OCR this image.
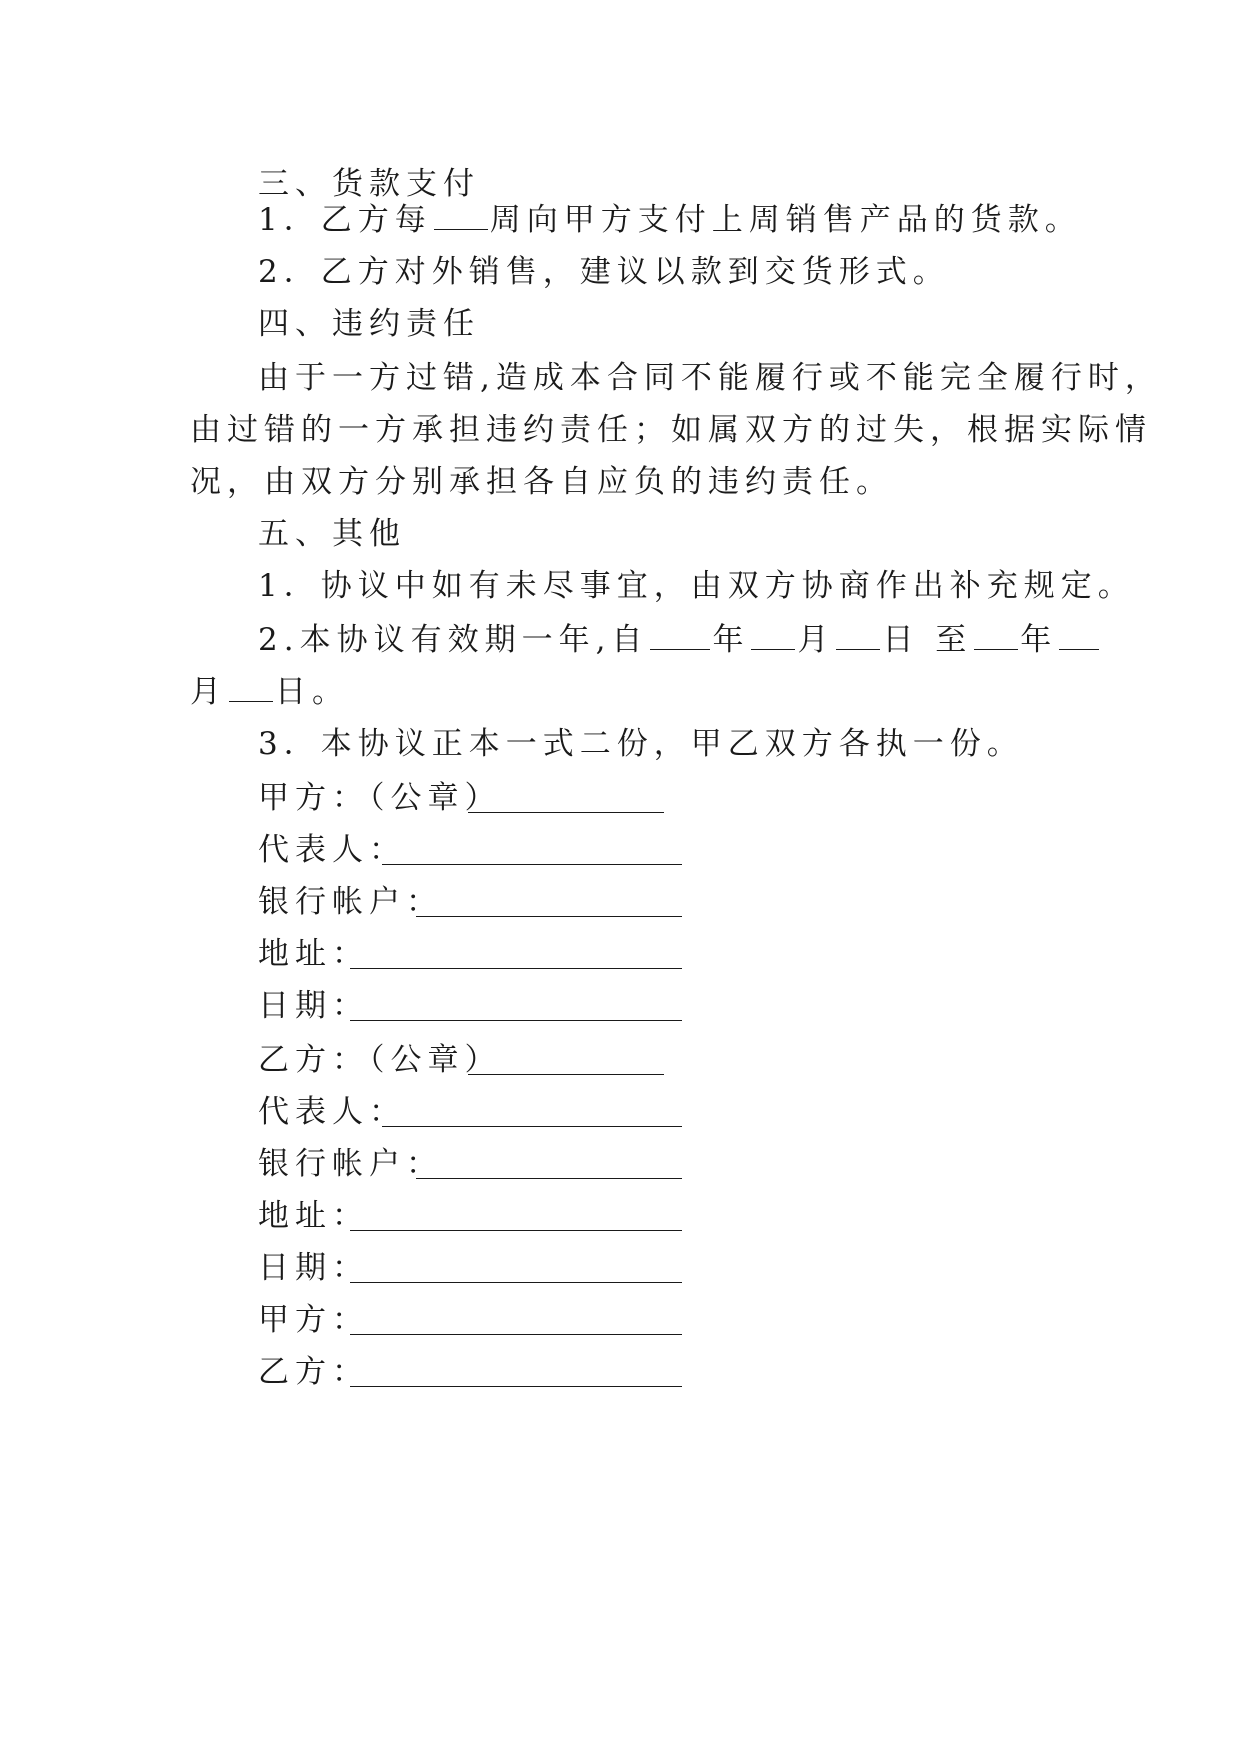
三、货款支付
1．乙方每 周向甲方支付上周销售产品的货款。
2．乙方对外销售，建议以款到交货形式。
四、违约责任
由于一方过错,造成本合同不能履行或不能完全履行时，
由过错的一方承担违约责任；如属双方的过失，根据实际情
况，由双方分别承担各自应负的违约责任。
五、其他
1．协议中如有未尽事宜，由双方协商作出补充规定。
2.本协议有效期一年,自 年 月 日 至 年
月 日。
3．本协议正本一式二份，甲乙双方各执一份。
甲方：（公章）
代表人：
银行帐户：
地址：
日期：
乙方：（公章）
代表人：
银行帐户：
地址：
日期：
甲方：
乙方：
